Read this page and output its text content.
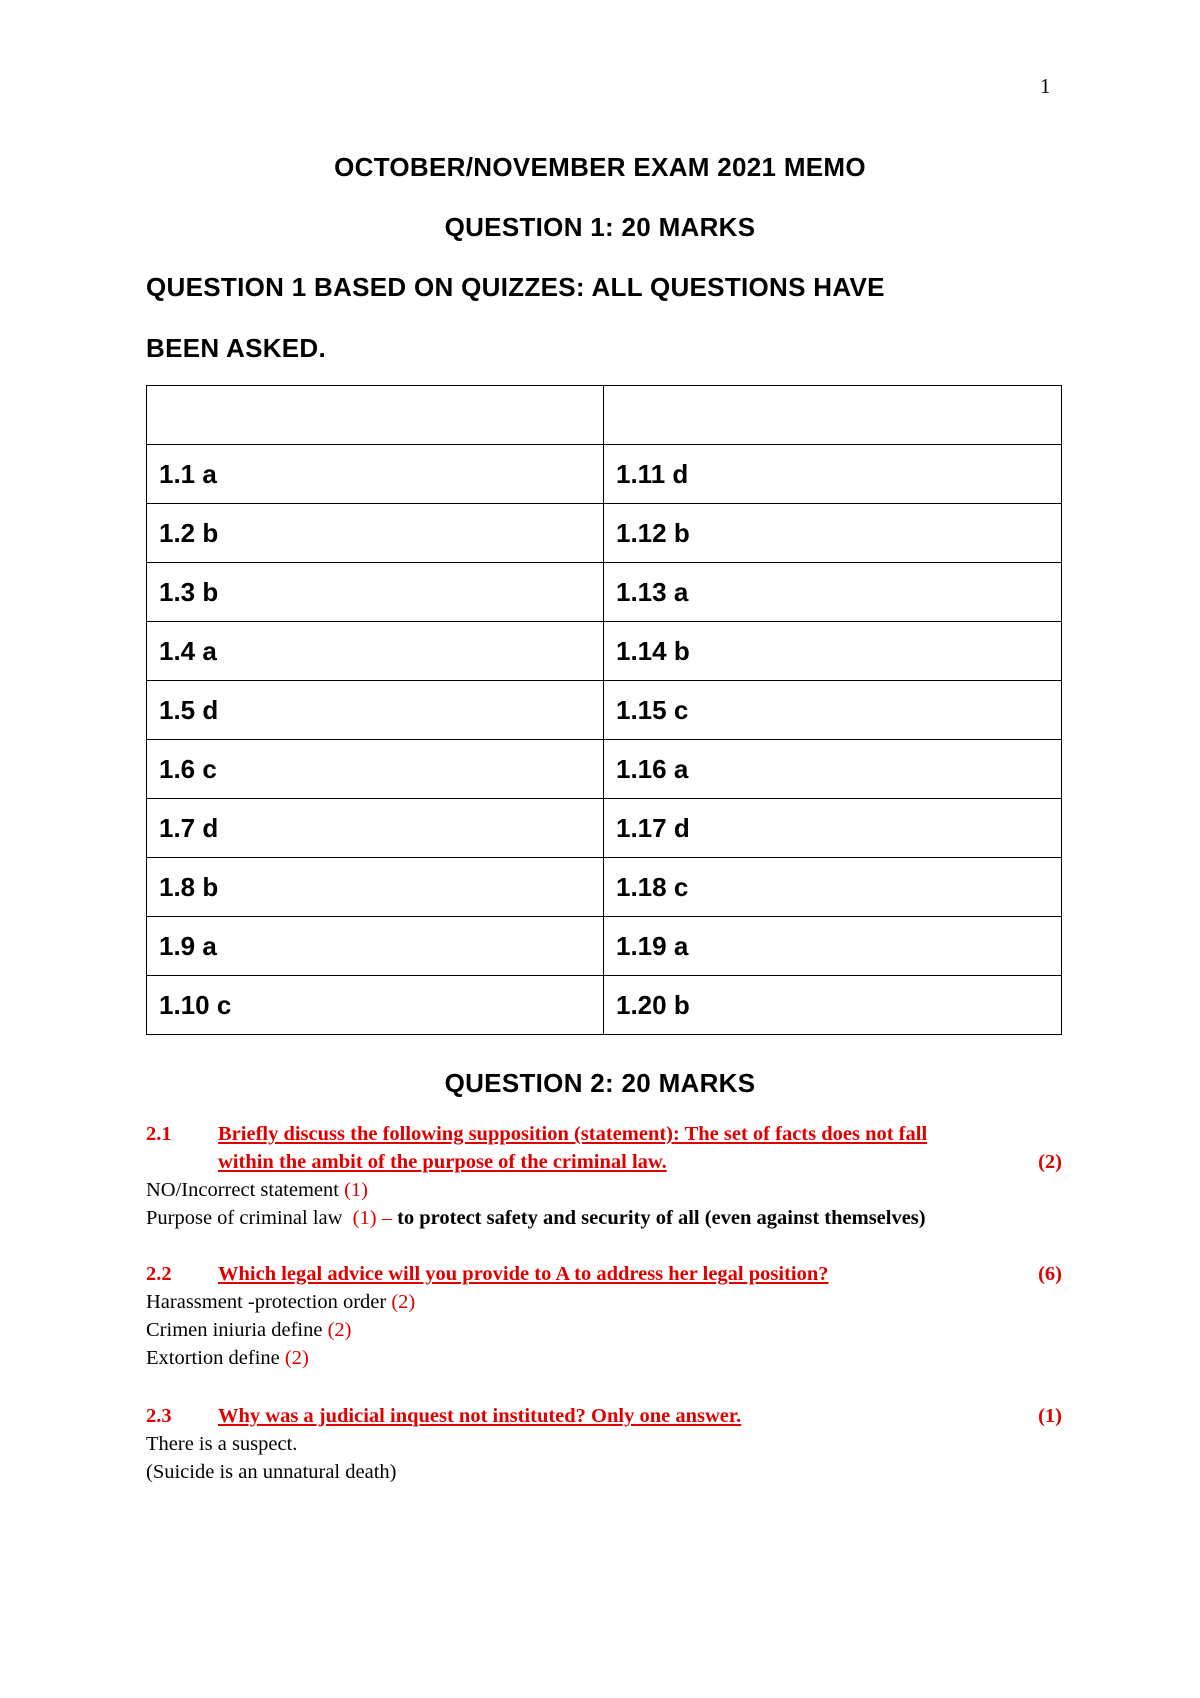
1
OCTOBER/NOVEMBER EXAM 2021 MEMO
QUESTION 1: 20 MARKS
QUESTION 1 BASED ON QUIZZES: ALL QUESTIONS HAVE
BEEN ASKED.

1.1 a	1.11 d
1.2 b	1.12 b
1.3 b	1.13 a
1.4 a	1.14 b
1.5 d	1.15 c
1.6 c	1.16 a
1.7 d	1.17 d
1.8 b	1.18 c
1.9 a	1.19 a
1.10 c	1.20 b
QUESTION 2: 20 MARKS
2.1 Briefly discuss the following supposition (statement): The set of facts does not fall
within the ambit of the purpose of the criminal law.	(2)
NO/Incorrect statement (1)
Purpose of criminal law  (1) – to protect safety and security of all (even against themselves)
2.2 Which legal advice will you provide to A to address her legal position?	(6)
Harassment -protection order (2)
Crimen iniuria define (2)
Extortion define (2)
2.3 Why was a judicial inquest not instituted? Only one answer.	(1)
There is a suspect.
(Suicide is an unnatural death)
